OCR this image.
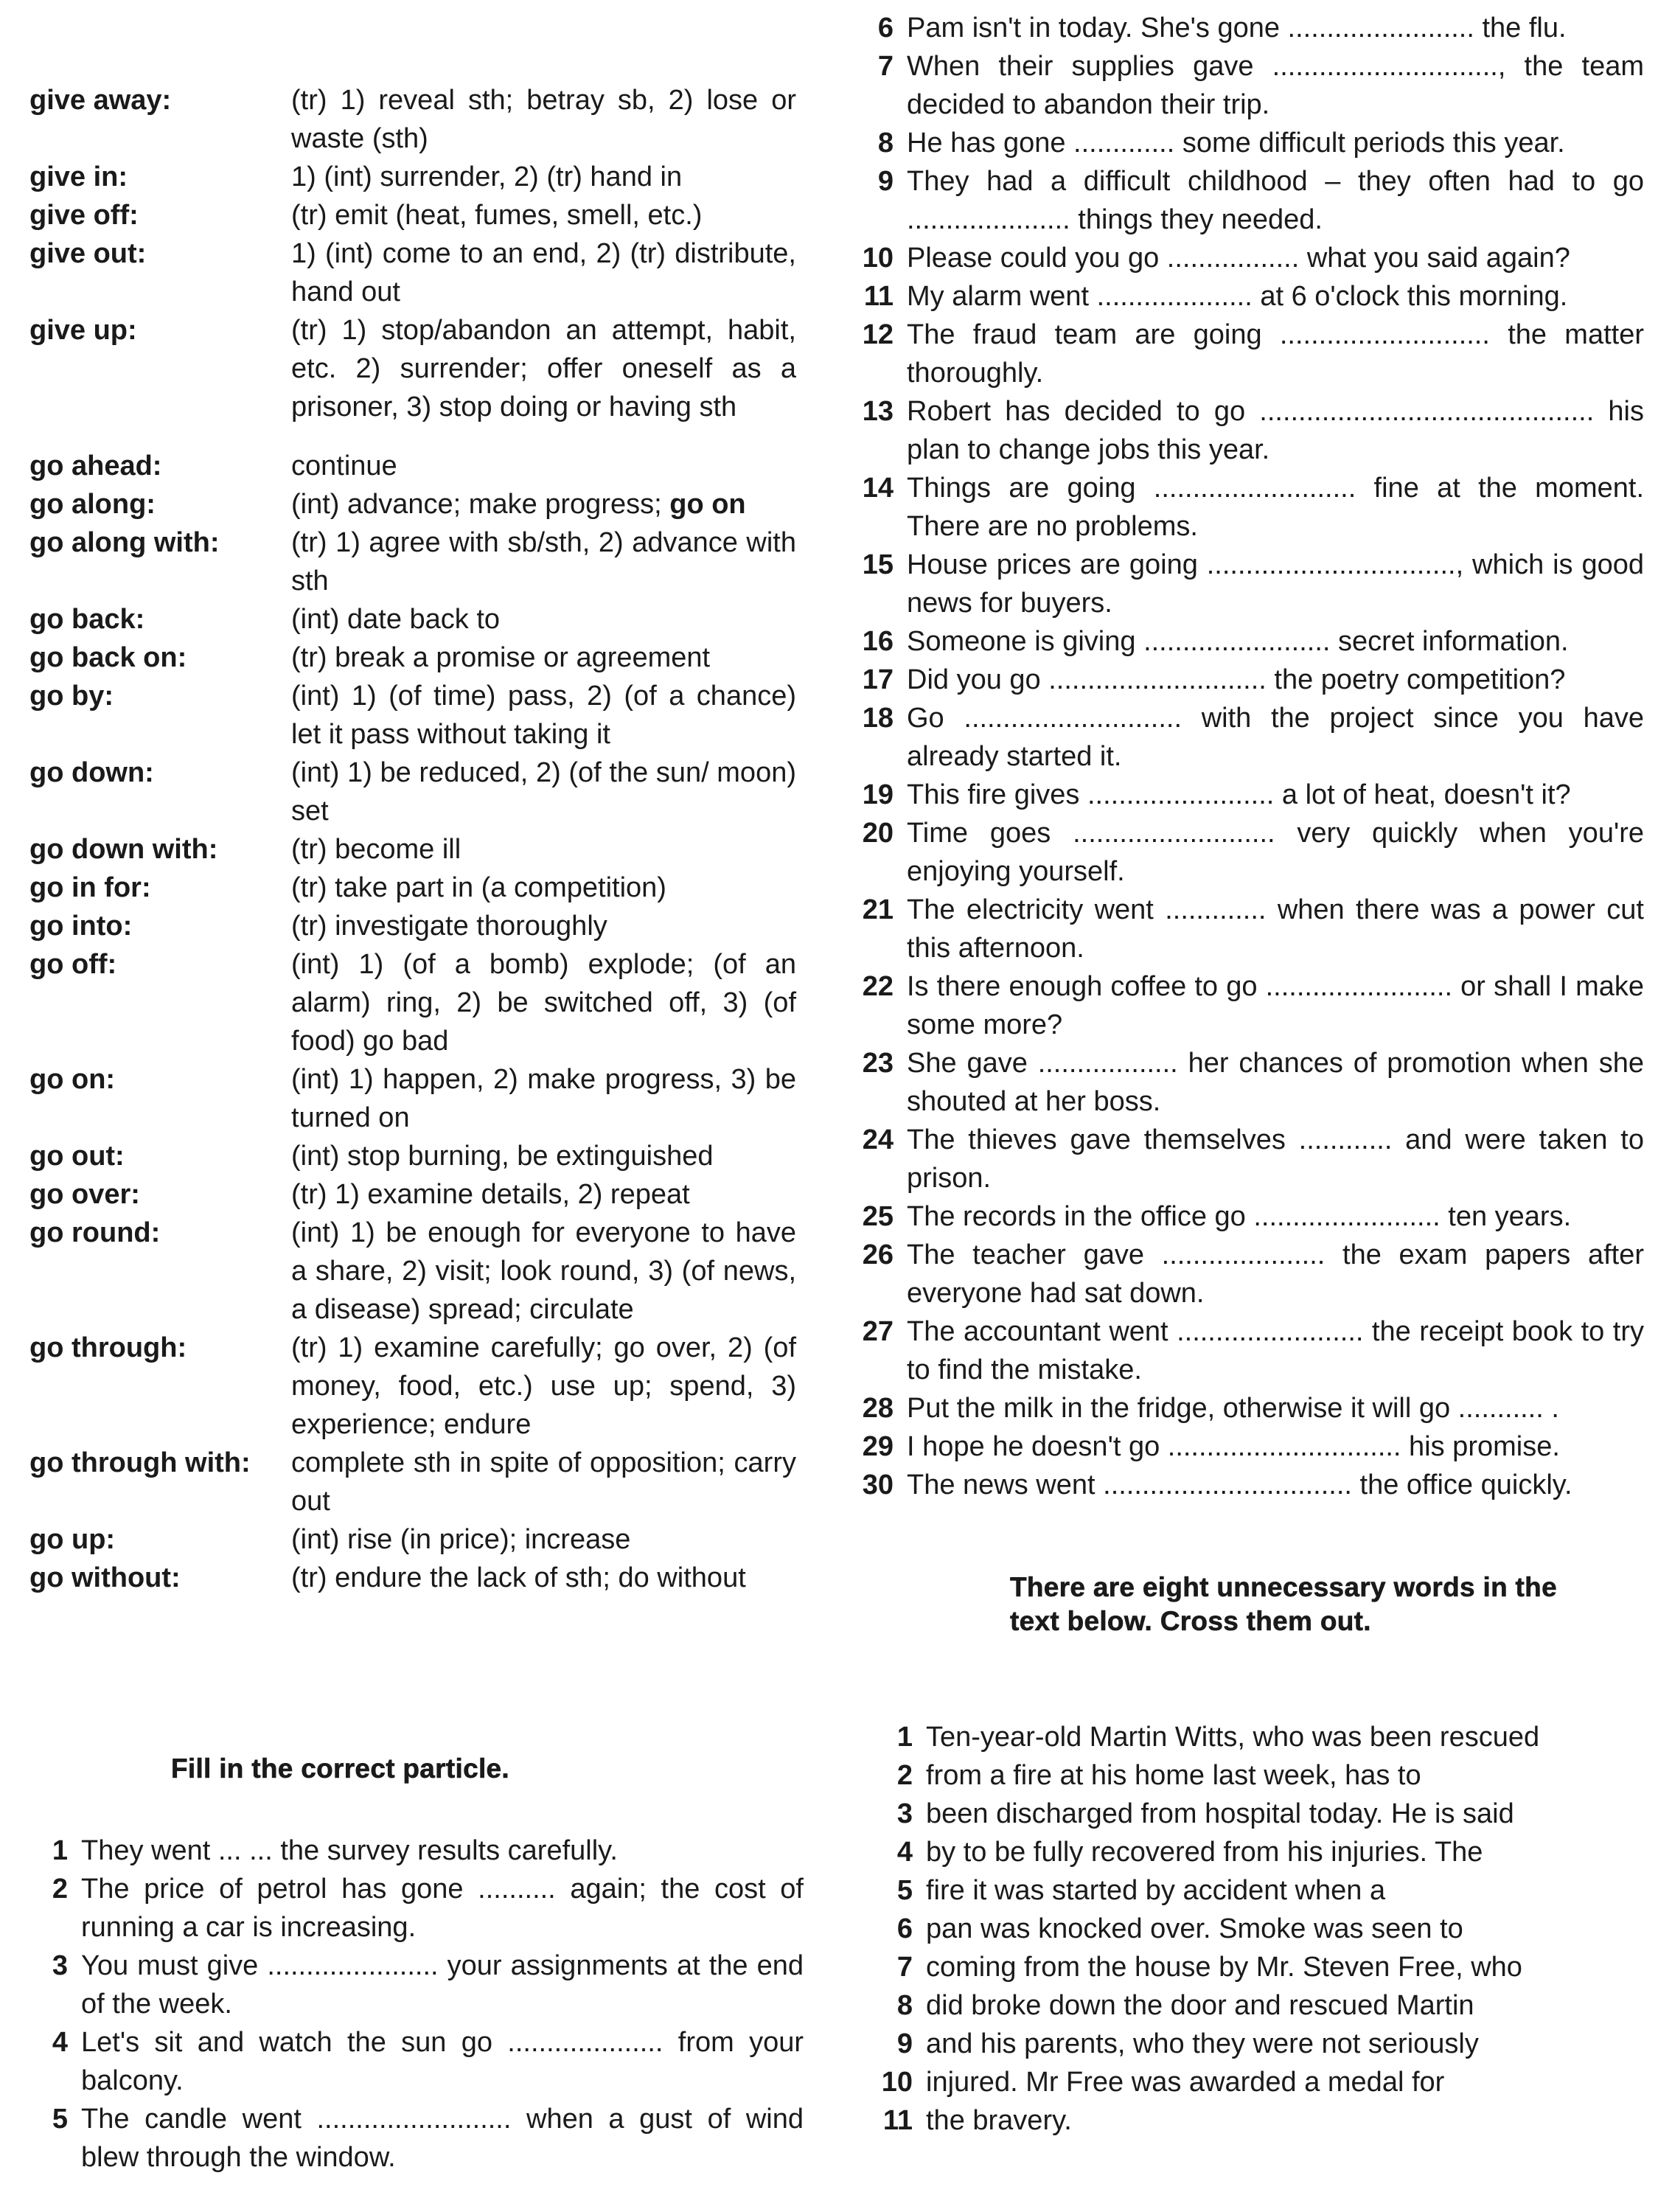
give away:	(tr) 1) reveal sth; betray sb, 2) lose or waste (sth)
give in:	1) (int) surrender, 2) (tr) hand in
give off:	(tr) emit (heat, fumes, smell, etc.)
give out:	1) (int) come to an end, 2) (tr) distribute, hand out
give up:	(tr) 1) stop/abandon an attempt, habit, etc. 2) surrender; offer oneself as a prisoner, 3) stop doing or having sth
go ahead:	continue
go along:	(int) advance; make progress; go on
go along with:	(tr) 1) agree with sb/sth, 2) advance with sth
go back:	(int) date back to
go back on:	(tr) break a promise or agreement
go by:	(int) 1) (of time) pass, 2) (of a chance) let it pass without taking it
go down:	(int) 1) be reduced, 2) (of the sun/ moon) set
go down with:	(tr) become ill
go in for:	(tr) take part in (a competition)
go into:	(tr) investigate thoroughly
go off:	(int) 1) (of a bomb) explode; (of an alarm) ring, 2) be switched off, 3) (of food) go bad
go on:	(int) 1) happen, 2) make progress, 3) be turned on
go out:	(int) stop burning, be extinguished
go over:	(tr) 1) examine details, 2) repeat
go round:	(int) 1) be enough for everyone to have a share, 2) visit; look round, 3) (of news, a disease) spread; circulate
go through:	(tr) 1) examine carefully; go over, 2) (of money, food, etc.) use up; spend, 3) experience; endure
go through with:	complete sth in spite of opposition; carry out
go up:	(int) rise (in price); increase
go without:	(tr) endure the lack of sth; do without
Fill in the correct particle.
1 They went ... ... the survey results carefully.
2 The price of petrol has gone .......... again; the cost of running a car is increasing.
3 You must give ...................... your assignments at the end of the week.
4 Let's sit and watch the sun go .................... from your balcony.
5 The candle went ......................... when a gust of wind blew through the window.
6 Pam isn't in today. She's gone ........................ the flu.
7 When their supplies gave ............................., the team decided to abandon their trip.
8 He has gone ............. some difficult periods this year.
9 They had a difficult childhood – they often had to go ..................... things they needed.
10 Please could you go ................. what you said again?
11 My alarm went .................... at 6 o'clock this morning.
12 The fraud team are going ........................... the matter thoroughly.
13 Robert has decided to go ........................................... his plan to change jobs this year.
14 Things are going .......................... fine at the moment. There are no problems.
15 House prices are going ................................, which is good news for buyers.
16 Someone is giving ........................ secret information.
17 Did you go ............................ the poetry competition?
18 Go ............................ with the project since you have already started it.
19 This fire gives ........................ a lot of heat, doesn't it?
20 Time goes .......................... very quickly when you're enjoying yourself.
21 The electricity went ............. when there was a power cut this afternoon.
22 Is there enough coffee to go ........................ or shall I make some more?
23 She gave .................. her chances of promotion when she shouted at her boss.
24 The thieves gave themselves ............ and were taken to prison.
25 The records in the office go ........................ ten years.
26 The teacher gave ..................... the exam papers after everyone had sat down.
27 The accountant went ........................ the receipt book to try to find the mistake.
28 Put the milk in the fridge, otherwise it will go ........... .
29 I hope he doesn't go .............................. his promise.
30 The news went ................................ the office quickly.
There are eight unnecessary words in the text below. Cross them out.
1 Ten-year-old Martin Witts, who was been rescued
2 from a fire at his home last week, has to
3 been discharged from hospital today. He is said
4 by to be fully recovered from his injuries. The
5 fire it was started by accident when a
6 pan was knocked over. Smoke was seen to
7 coming from the house by Mr. Steven Free, who
8 did broke down the door and rescued Martin
9 and his parents, who they were not seriously
10 injured. Mr Free was awarded a medal for
11 the bravery.
